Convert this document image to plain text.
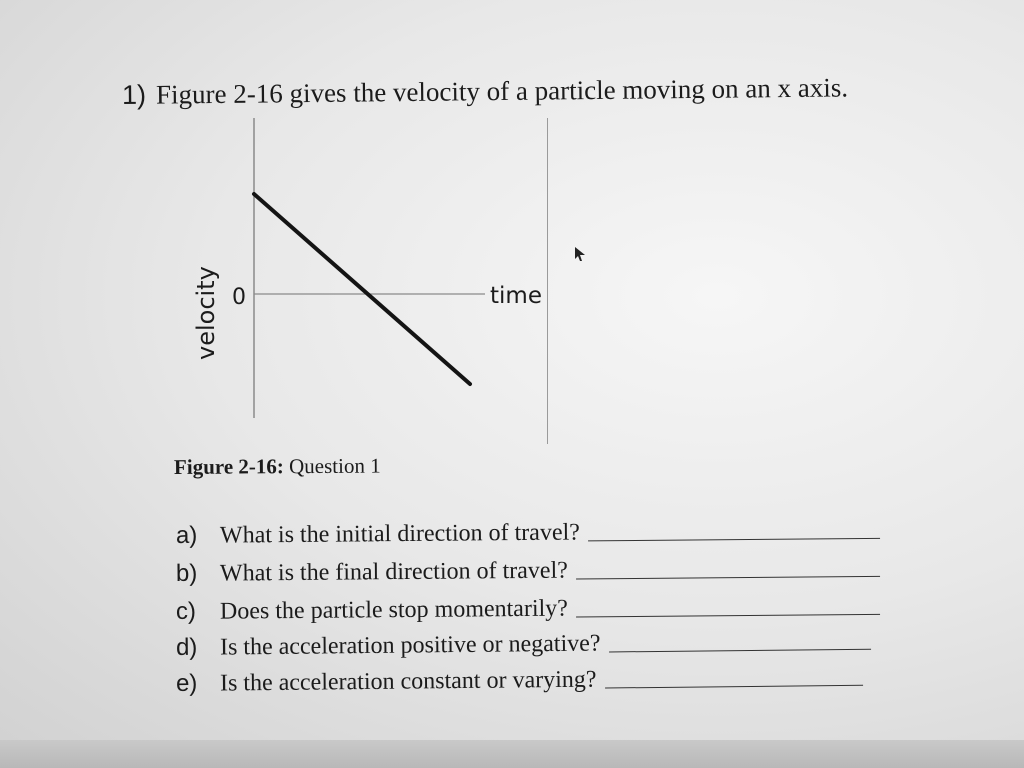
1) Figure 2-16 gives the velocity of a particle moving on an x axis.
velocity 0	time
Figure 2-16: Question 1
a) What is the initial direction of travel?
b) What is the final direction of travel?
c) Does the particle stop momentarily?
d) Is the acceleration positive or negative?
e) Is the acceleration constant or varying?
